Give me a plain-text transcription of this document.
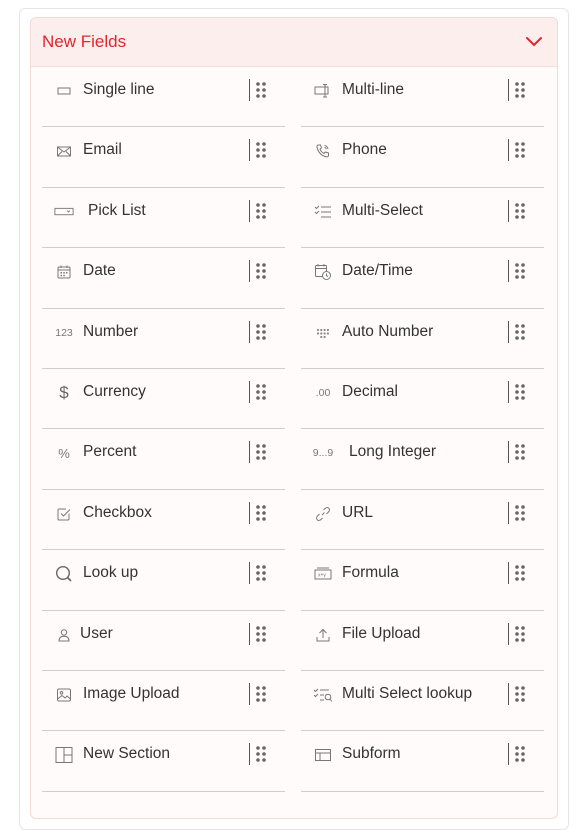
New Fields
Single line	Multi-line
Email	Phone
Pick List	Multi-Select
Date	Date/Time
123 Number	Auto Number
$ Currency	.00 Decimal
% Percent	9...9 Long Integer
Checkbox	URL
Look up	x+y Formula
User	File Upload
Image Upload	Multi Select lookup
New Section	Subform
